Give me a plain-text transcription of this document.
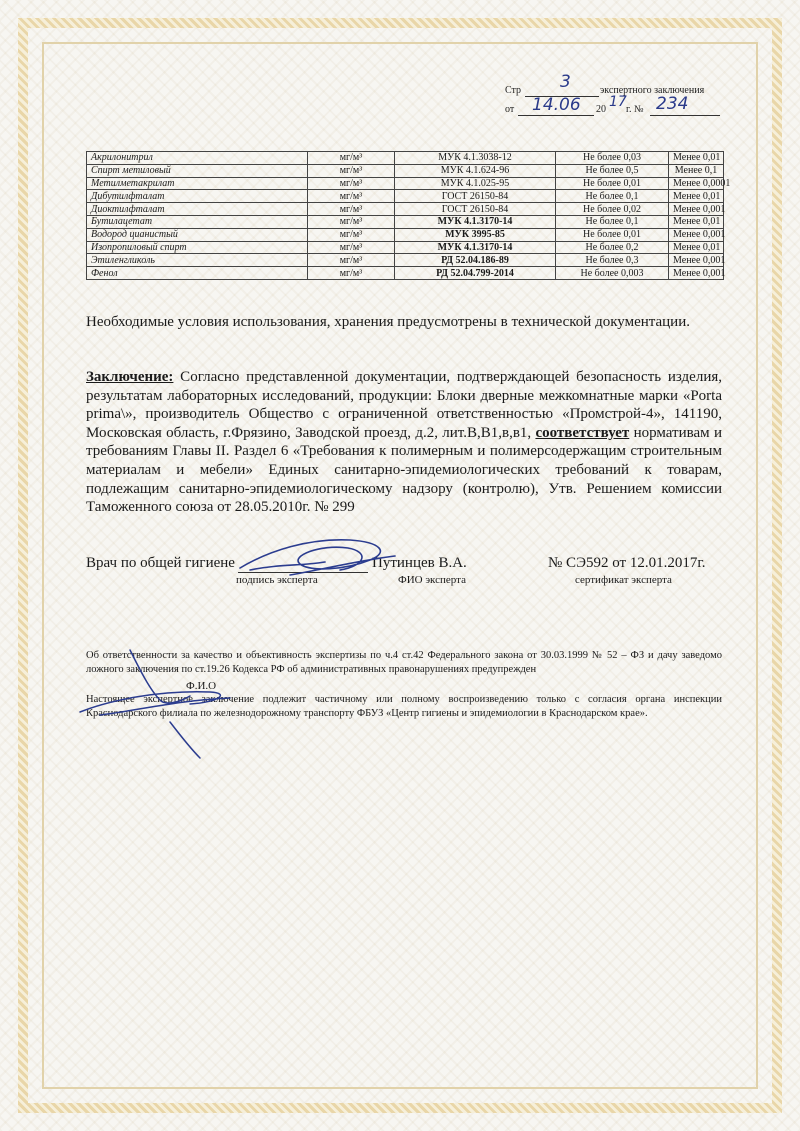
Стр 3	экспертного заключения
от 14.06 20 17 г. № 234
Акрилонитрил	мг/м³	МУК 4.1.3038-12	Не более 0,03	Менее 0,01
Спирт метиловый	мг/м³	МУК 4.1.624-96	Не более 0,5	Менее 0,1
Метилметакрилат	мг/м³	МУК 4.1.025-95	Не более 0,01	Менее 0,0001
Дибутилфталат	мг/м³	ГОСТ 26150-84	Не более 0,1	Менее 0,01
Диоктилфталат	мг/м³	ГОСТ 26150-84	Не более 0,02	Менее 0,001
Бутилацетат	мг/м³	МУК 4.1.3170-14	Не более 0,1	Менее 0,01
Водород цианистый	мг/м³	МУК 3995-85	Не более 0,01	Менее 0,001
Изопропиловый спирт	мг/м³	МУК 4.1.3170-14	Не более 0,2	Менее 0,01
Этиленгликоль	мг/м³	РД 52.04.186-89	Не более 0,3	Менее 0,001
Фенол	мг/м³	РД 52.04.799-2014	Не более 0,003	Менее 0,001
Необходимые условия использования, хранения предусмотрены в технической документации.
Заключение: Согласно представленной документации, подтверждающей безопасность изделия, результатам лабораторных исследований, продукции: Блоки дверные межкомнатные марки «Porta prima\», производитель Общество с ограниченной ответственностью «Промстрой-4», 141190, Московская область, г.Фрязино, Заводской проезд, д.2, лит.В,В1,в,в1, соответствует нормативам и требованиям Главы II. Раздел 6 «Требования к полимерным и полимерсодержащим строительным материалам и мебели» Единых санитарно-эпидемиологических требований к товарам, подлежащим санитарно-эпидемиологическому надзору (контролю), Утв. Решением комиссии Таможенного союза от 28.05.2010г. № 299
Врач по общей гигиене	Путинцев В.А.	№ СЭ592 от 12.01.2017г.
подпись эксперта	ФИО эксперта	сертификат эксперта
Об ответственности за качество и объективность экспертизы по ч.4 ст.42 Федерального закона от 30.03.1999 № 52 – ФЗ и дачу заведомо ложного заключения по ст.19.26 Кодекса РФ об административных правонарушениях предупрежден
Ф.И.О
Настоящее экспертное заключение подлежит частичному или полному воспроизведению только с согласия органа инспекции Краснодарского филиала по железнодорожному транспорту ФБУЗ «Центр гигиены и эпидемиологии в Краснодарском крае».
